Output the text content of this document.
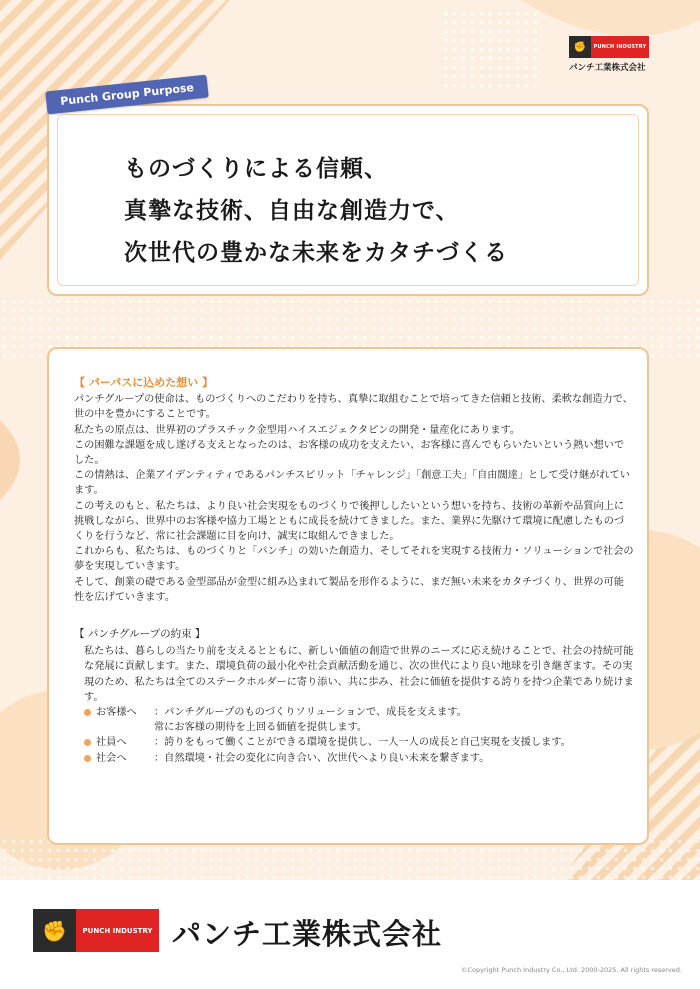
✊	PUNCH INDUSTRY
パンチ工業株式会社
Punch Group Purpose
ものづくりによる信頼、
真摯な技術、自由な創造力で、
次世代の豊かな未来をカタチづくる
【 パーパスに込めた想い 】
パンチグループの使命は、ものづくりへのこだわりを持ち、真摯に取組むことで培ってきた信頼と技術、柔軟な創造力で、世の中を豊かにすることです。
私たちの原点は、世界初のプラスチック金型用ハイスエジェクタピンの開発・量産化にあります。
この困難な課題を成し遂げる支えとなったのは、お客様の成功を支えたい、お客様に喜んでもらいたいという熱い想いでした。
この情熱は、企業アイデンティティであるパンチスピリット「チャレンジ」「創意工夫」「自由闊達」として受け継がれています。
この考えのもと、私たちは、より良い社会実現をものづくりで後押ししたいという想いを持ち、技術の革新や品質向上に挑戦しながら、世界中のお客様や協力工場とともに成長を続けてきました。また、業界に先駆けて環境に配慮したものづくりを行うなど、常に社会課題に目を向け、誠実に取組んできました。
これからも、私たちは、ものづくりと「パンチ」の効いた創造力、そしてそれを実現する技術力・ソリューションで社会の夢を実現していきます。
そして、創業の礎である金型部品が金型に組み込まれて製品を形作るように、まだ無い未来をカタチづくり、世界の可能性を広げていきます。
【 パンチグループの約束 】
私たちは、暮らしの当たり前を支えるとともに、新しい価値の創造で世界のニーズに応え続けることで、社会の持続可能な発展に貢献します。また、環境負荷の最小化や社会貢献活動を通じ、次の世代により良い地球を引き継ぎます。その実現のため、私たちは全てのステークホルダーに寄り添い、共に歩み、社会に価値を提供する誇りを持つ企業であり続けます。
お客様へ	：パンチグループのものづくりソリューションで、成長を支えます。
常にお客様の期待を上回る価値を提供します。
社員へ	：誇りをもって働くことができる環境を提供し、一人一人の成長と自己実現を支援します。
社会へ	：自然環境・社会の変化に向き合い、次世代へより良い未来を繋ぎます。
✊	PUNCH INDUSTRY パンチ工業株式会社
©Copyright Punch Industry Co., Ltd. 2000-2025. All rights reserved.
